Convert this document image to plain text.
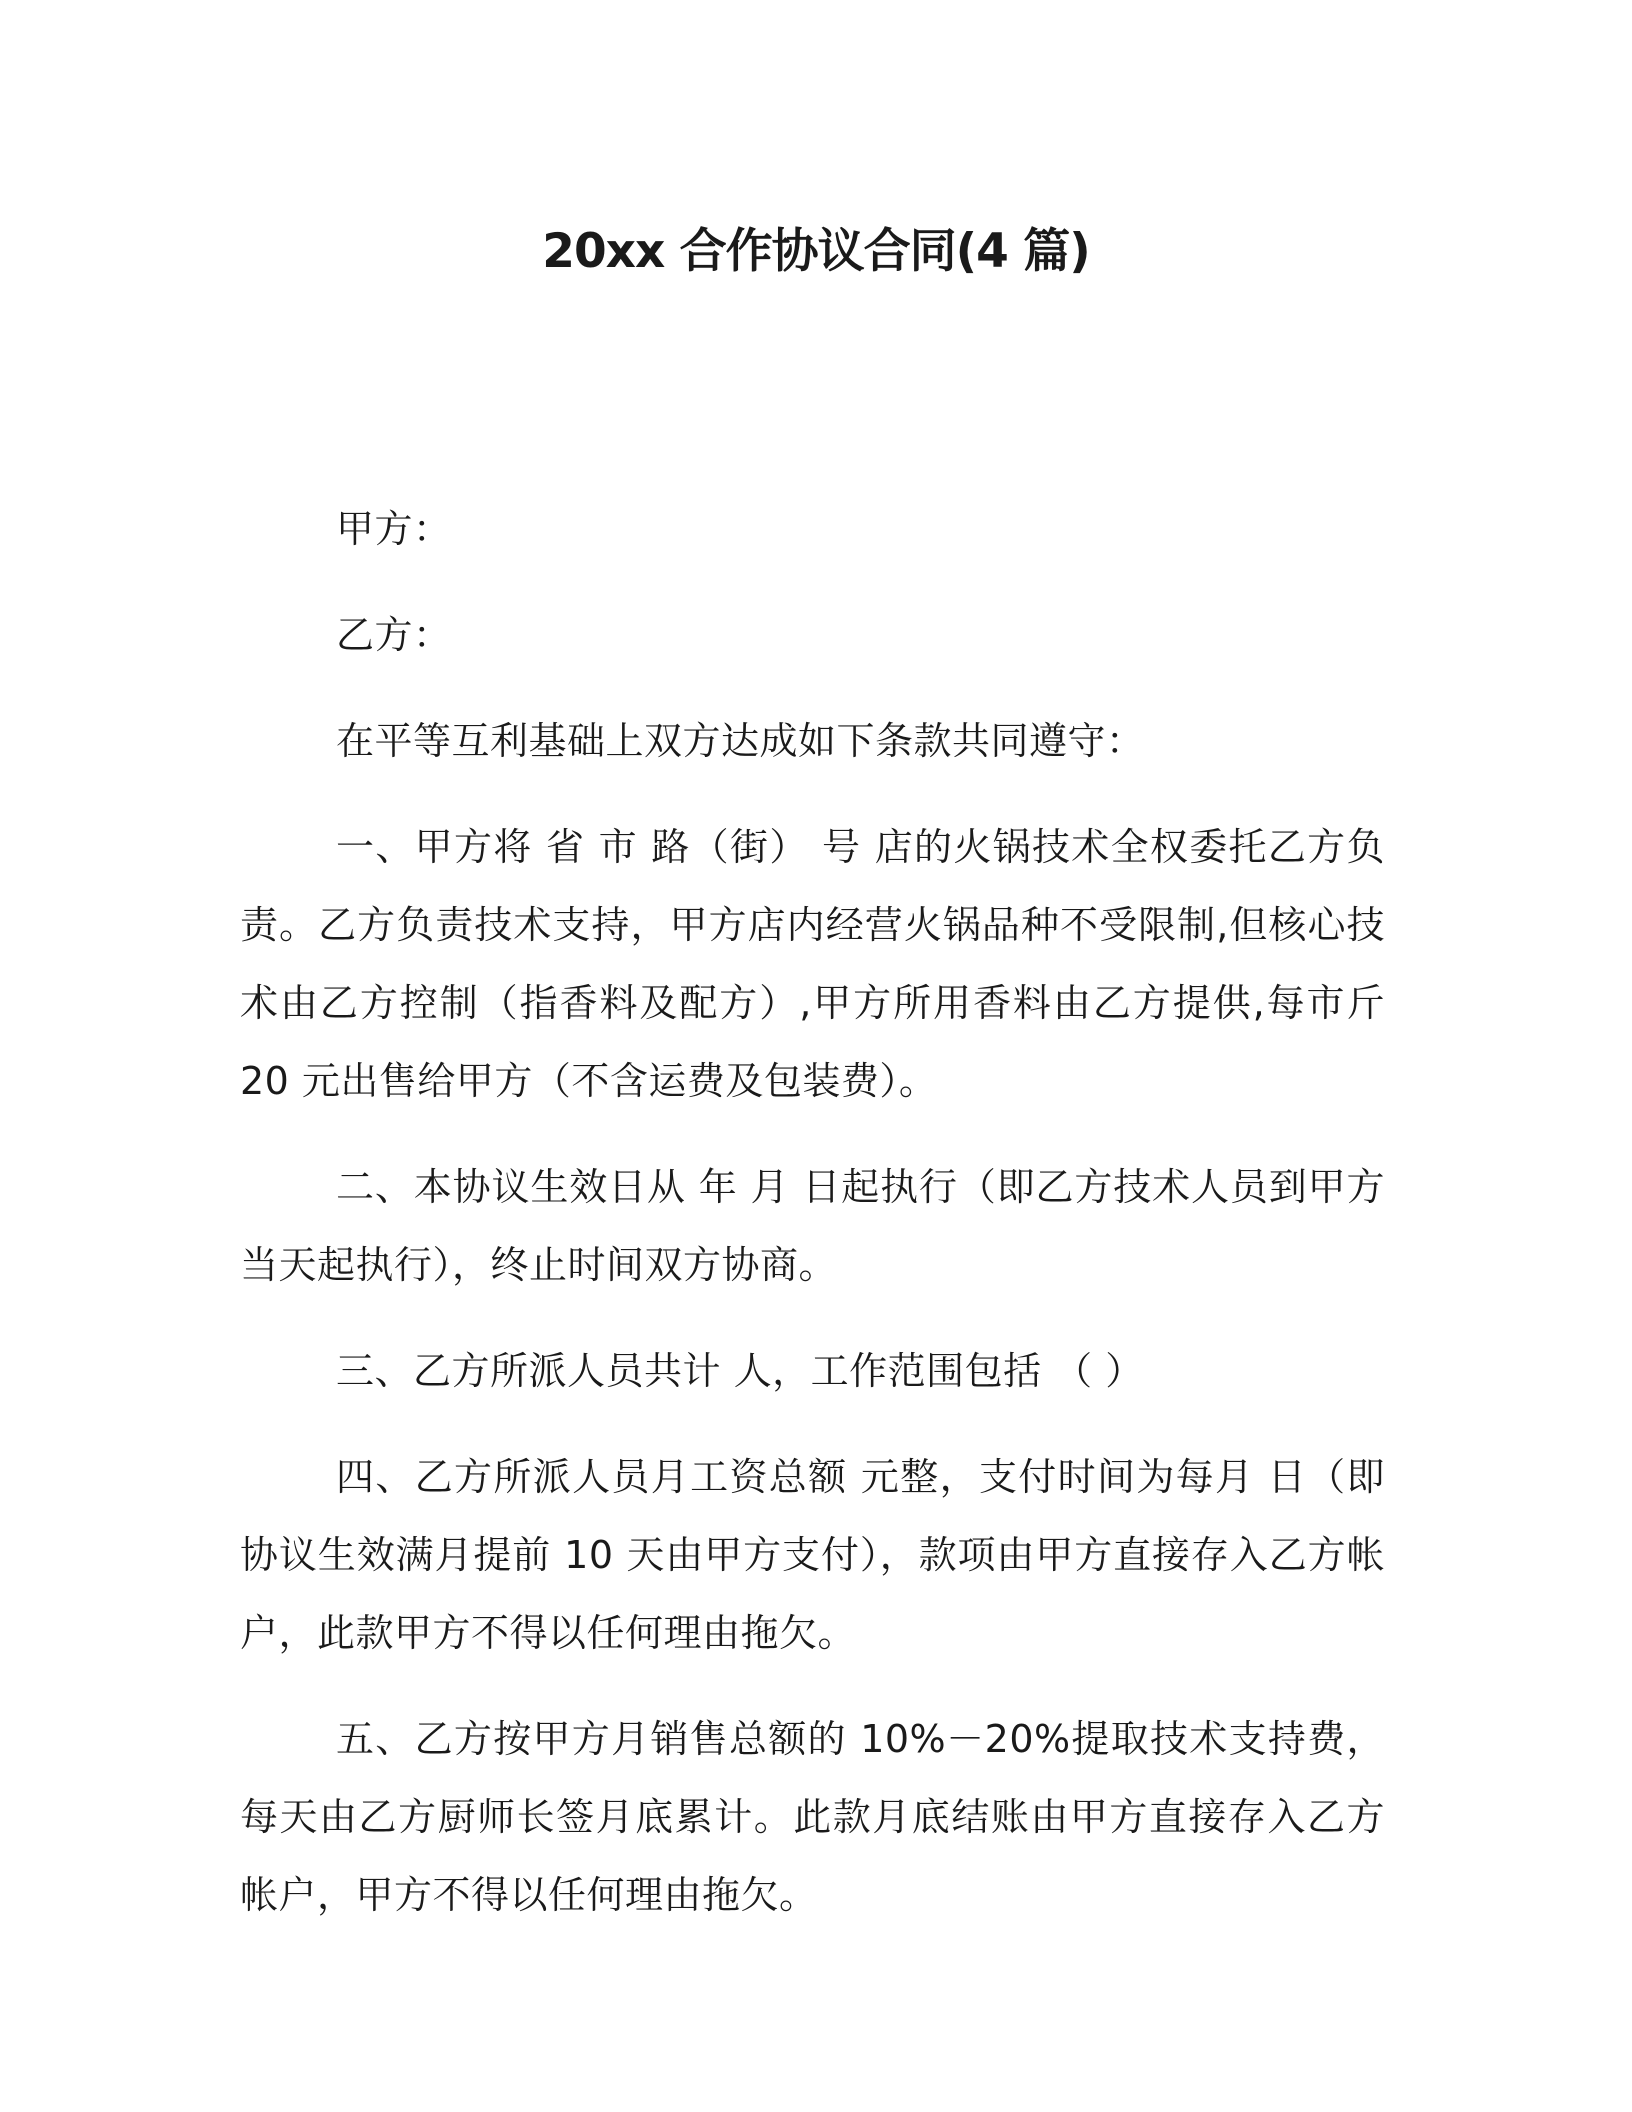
20xx 合作协议合同(4 篇)

甲方：

乙方：

在平等互利基础上双方达成如下条款共同遵守：

一、甲方将 省 市 路（街） 号 店的火锅技术全权委托乙方负责。乙方负责技术支持，甲方店内经营火锅品种不受限制,但核心技术由乙方控制（指香料及配方）,甲方所用香料由乙方提供,每市斤 20 元出售给甲方（不含运费及包装费）。

二、本协议生效日从 年 月 日起执行（即乙方技术人员到甲方当天起执行），终止时间双方协商。

三、乙方所派人员共计 人，工作范围包括 （ ）

四、乙方所派人员月工资总额 元整，支付时间为每月 日（即协议生效满月提前 10 天由甲方支付），款项由甲方直接存入乙方帐户，此款甲方不得以任何理由拖欠。

五、乙方按甲方月销售总额的 10%－20%提取技术支持费，每天由乙方厨师长签月底累计。此款月底结账由甲方直接存入乙方帐户，甲方不得以任何理由拖欠。
